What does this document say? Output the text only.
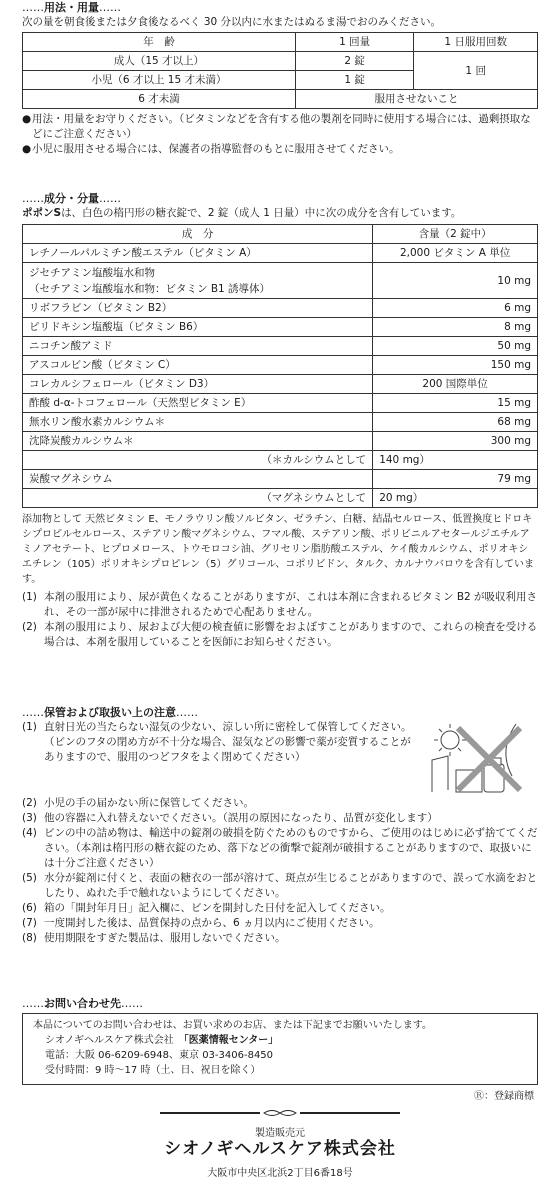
……用法・用量……

次の量を朝食後または夕食後なるべく 30 分以内に水またはぬるま湯でおのみください。

年　齢	1 回量	1 日服用回数
成人（15 才以上）	2 錠	1 回
小児（6 才以上 15 才未満）	1 錠	
6 才未満	服用させないこと	
● 用法・用量をお守りください。（ビタミンなどを含有する他の製剤を同時に使用する場合には、過剰摂取などにご注意ください）
● 小児に服用させる場合には、保護者の指導監督のもとに服用させてください。
……成分・分量……

ポポンSは、白色の楕円形の糖衣錠で、2 錠（成人 1 日量）中に次の成分を含有しています。

成　分	含量（2 錠中）
レチノールパルミチン酸エステル（ビタミン A）	2,000 ビタミン A 単位

ジセチアミン塩酸塩水和物
（セチアミン塩酸塩水和物：ビタミン B1 誘導体）	10 mg
リボフラビン（ビタミン B2）	6 mg
ピリドキシン塩酸塩（ビタミン B6）	8 mg
ニコチン酸アミド	50 mg
アスコルビン酸（ビタミン C）	150 mg
コレカルシフェロール（ビタミン D3）	200 国際単位
酢酸 d-α-トコフェロール（天然型ビタミン E）	15 mg
無水リン酸水素カルシウム＊	68 mg
沈降炭酸カルシウム＊	300 mg
（＊カルシウムとして	140 mg）
炭酸マグネシウム	79 mg
（マグネシウムとして	20 mg）

添加物として 天然ビタミン E、モノラウリン酸ソルビタン、ゼラチン、白糖、結晶セルロース、低置換度ヒドロキシプロピルセルロース、ステアリン酸マグネシウム、フマル酸、ステアリン酸、ポリビニルアセタールジエチルアミノアセテート、ヒプロメロース、トウモロコシ油、グリセリン脂肪酸エステル、ケイ酸カルシウム、ポリオキシエチレン（105）ポリオキシプロピレン（5）グリコール、コポリビドン、タルク、カルナウバロウを含有しています。

(1) 本剤の服用により、尿が黄色くなることがありますが、これは本剤に含まれるビタミン B2 が吸収利用され、その一部が尿中に排泄されるためで心配ありません。
(2) 本剤の服用により、尿および大便の検査値に影響をおよぼすことがありますので、これらの検査を受ける場合は、本剤を服用していることを医師にお知らせください。
……保管および取扱い上の注意……
(1) 直射日光の当たらない湿気の少ない、涼しい所に密栓して保管してください。（ビンのフタの閉め方が不十分な場合、湿気などの影響で薬が変質することがありますので、服用のつどフタをよく閉めてください）
(2) 小児の手の届かない所に保管してください。
(3) 他の容器に入れ替えないでください。（誤用の原因になったり、品質が変化します）
(4) ビンの中の詰め物は、輸送中の錠剤の破損を防ぐためのものですから、ご使用のはじめに必ず捨ててください。（本剤は楕円形の糖衣錠のため、落下などの衝撃で錠剤が破損することがありますので、取扱いには十分ご注意ください）
(5) 水分が錠剤に付くと、表面の糖衣の一部が溶けて、斑点が生じることがありますので、誤って水滴をおとしたり、ぬれた手で触れないようにしてください。
(6) 箱の「開封年月日」記入欄に、ビンを開封した日付を記入してください。
(7) 一度開封した後は、品質保持の点から、6 ヵ月以内にご使用ください。
(8) 使用期限をすぎた製品は、服用しないでください。
……お問い合わせ先……
本品についてのお問い合わせは、お買い求めのお店、または下記までお願いいたします。
シオノギヘルスケア株式会社　 「医薬情報センター」
電話：大阪 06-6209-6948、東京 03-3406-8450
受付時間：9 時～17 時（土、日、祝日を除く）
Ⓡ：登録商標
製造販売元
シオノギヘルスケア株式会社
大阪市中央区北浜2丁目6番18号
